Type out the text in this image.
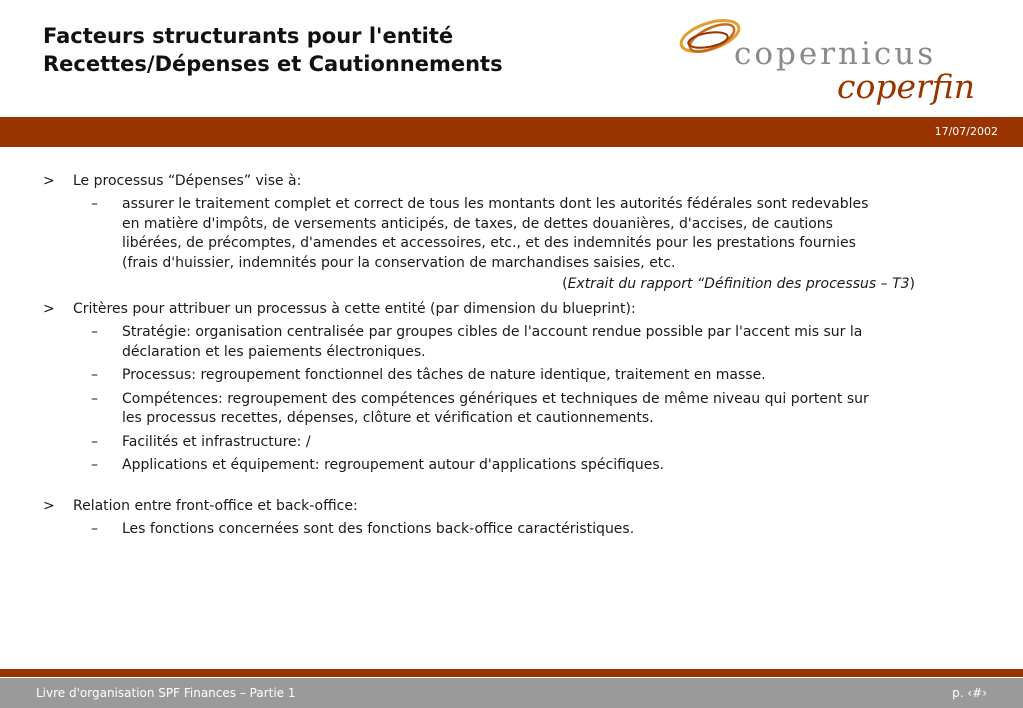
Facteurs structurants pour l'entité
Recettes/Dépenses et Cautionnements	copernicus
coperfin
17/07/2002
> Le processus “Dépenses” vise à:
– assurer le traitement complet et correct de tous les montants dont les autorités fédérales sont redevables
en matière d'impôts, de versements anticipés, de taxes, de dettes douanières, d'accises, de cautions
libérées, de précomptes, d'amendes et accessoires, etc., et des indemnités pour les prestations fournies
(frais d'huissier, indemnités pour la conservation de marchandises saisies, etc.
(Extrait du rapport “Définition des processus – T3)
> Critères pour attribuer un processus à cette entité (par dimension du blueprint):
– Stratégie: organisation centralisée par groupes cibles de l'account rendue possible par l'accent mis sur la
déclaration et les paiements électroniques.
– Processus: regroupement fonctionnel des tâches de nature identique, traitement en masse.
– Compétences: regroupement des compétences génériques et techniques de même niveau qui portent sur
les processus recettes, dépenses, clôture et vérification et cautionnements.
– Facilités et infrastructure: /
– Applications et équipement: regroupement autour d'applications spécifiques.
> Relation entre front-office et back-office:
– Les fonctions concernées sont des fonctions back-office caractéristiques.
Livre d'organisation SPF Finances – Partie 1	p. ‹#›
